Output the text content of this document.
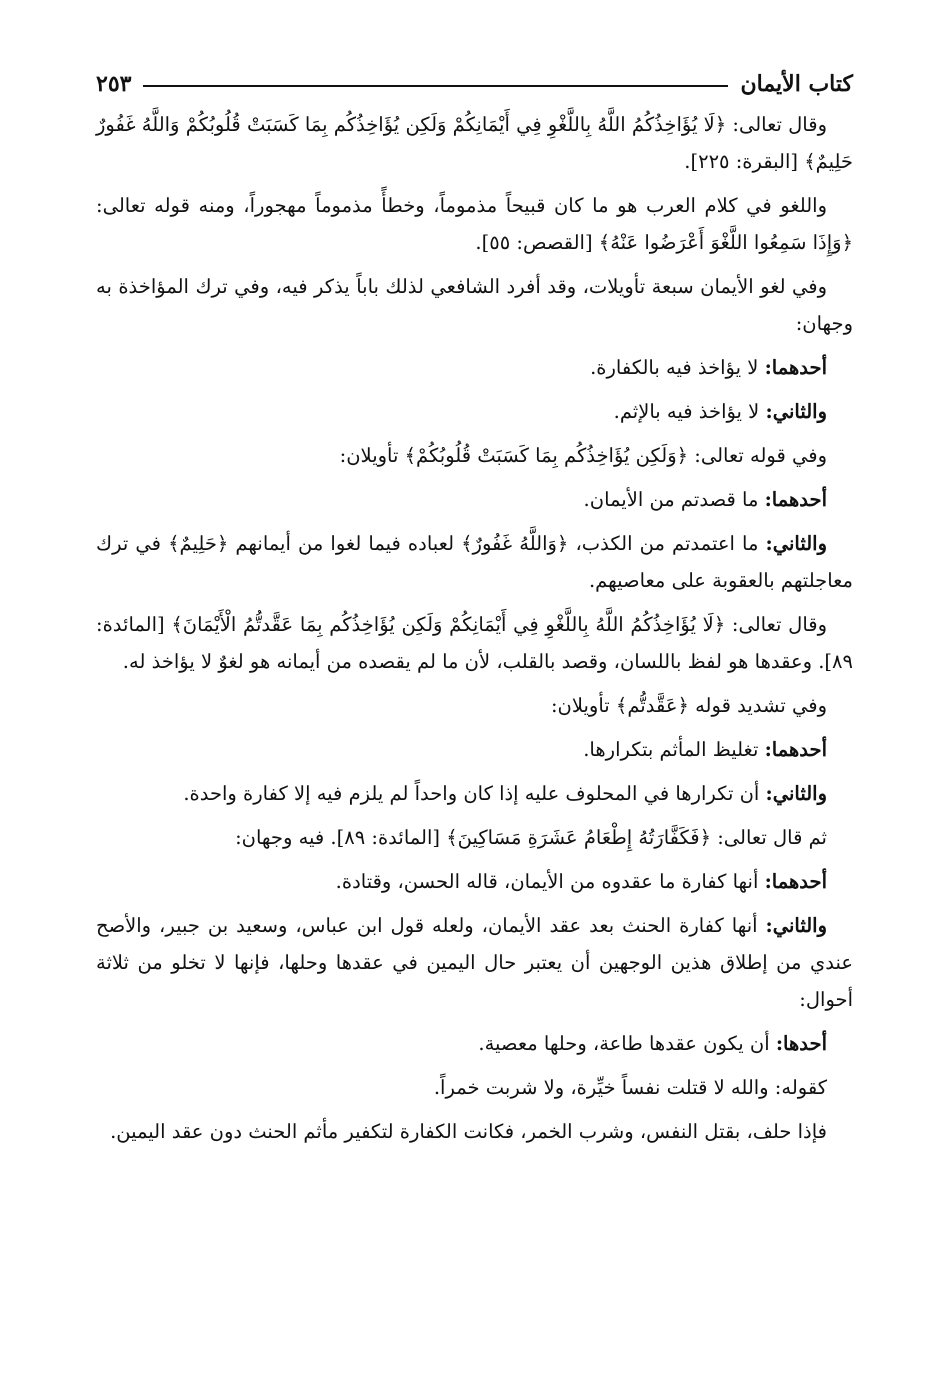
كتاب الأيمان
٢٥٣

وقال تعالى: ﴿لَا يُؤَاخِذُكُمُ اللَّهُ بِاللَّغْوِ فِي أَيْمَانِكُمْ وَلَكِن يُؤَاخِذُكُم بِمَا كَسَبَتْ قُلُوبُكُمْ وَاللَّهُ غَفُورٌ حَلِيمٌ﴾ [البقرة: ٢٢٥].

واللغو في كلام العرب هو ما كان قبيحاً مذموماً، وخطأً مذموماً مهجوراً، ومنه قوله تعالى: ﴿وَإِذَا سَمِعُوا اللَّغْوَ أَعْرَضُوا عَنْهُ﴾ [القصص: ٥٥].

وفي لغو الأيمان سبعة تأويلات، وقد أفرد الشافعي لذلك باباً يذكر فيه، وفي ترك المؤاخذة به وجهان:

أحدهما: لا يؤاخذ فيه بالكفارة.

والثاني: لا يؤاخذ فيه بالإثم.

وفي قوله تعالى: ﴿وَلَكِن يُؤَاخِذُكُم بِمَا كَسَبَتْ قُلُوبُكُمْ﴾ تأويلان:

أحدهما: ما قصدتم من الأيمان.

والثاني: ما اعتمدتم من الكذب، ﴿وَاللَّهُ غَفُورٌ﴾ لعباده فيما لغوا من أيمانهم ﴿حَلِيمٌ﴾ في ترك معاجلتهم بالعقوبة على معاصيهم.

وقال تعالى: ﴿لَا يُؤَاخِذُكُمُ اللَّهُ بِاللَّغْوِ فِي أَيْمَانِكُمْ وَلَكِن يُؤَاخِذُكُم بِمَا عَقَّدتُّمُ الْأَيْمَانَ﴾ [المائدة: ٨٩]. وعقدها هو لفظ باللسان، وقصد بالقلب، لأن ما لم يقصده من أيمانه هو لغوٌ لا يؤاخذ له.

وفي تشديد قوله ﴿عَقَّدتُّم﴾ تأويلان:

أحدهما: تغليظ المأثم بتكرارها.

والثاني: أن تكرارها في المحلوف عليه إذا كان واحداً لم يلزم فيه إلا كفارة واحدة.

ثم قال تعالى: ﴿فَكَفَّارَتُهُ إِطْعَامُ عَشَرَةِ مَسَاكِينَ﴾ [المائدة: ٨٩]. فيه وجهان:

أحدهما: أنها كفارة ما عقدوه من الأيمان، قاله الحسن، وقتادة.

والثاني: أنها كفارة الحنث بعد عقد الأيمان، ولعله قول ابن عباس، وسعيد بن جبير، والأصح عندي من إطلاق هذين الوجهين أن يعتبر حال اليمين في عقدها وحلها، فإنها لا تخلو من ثلاثة أحوال:

أحدها: أن يكون عقدها طاعة، وحلها معصية.

كقوله: والله لا قتلت نفساً خيِّرة، ولا شربت خمراً.

فإذا حلف، بقتل النفس، وشرب الخمر، فكانت الكفارة لتكفير مأثم الحنث دون عقد اليمين.
